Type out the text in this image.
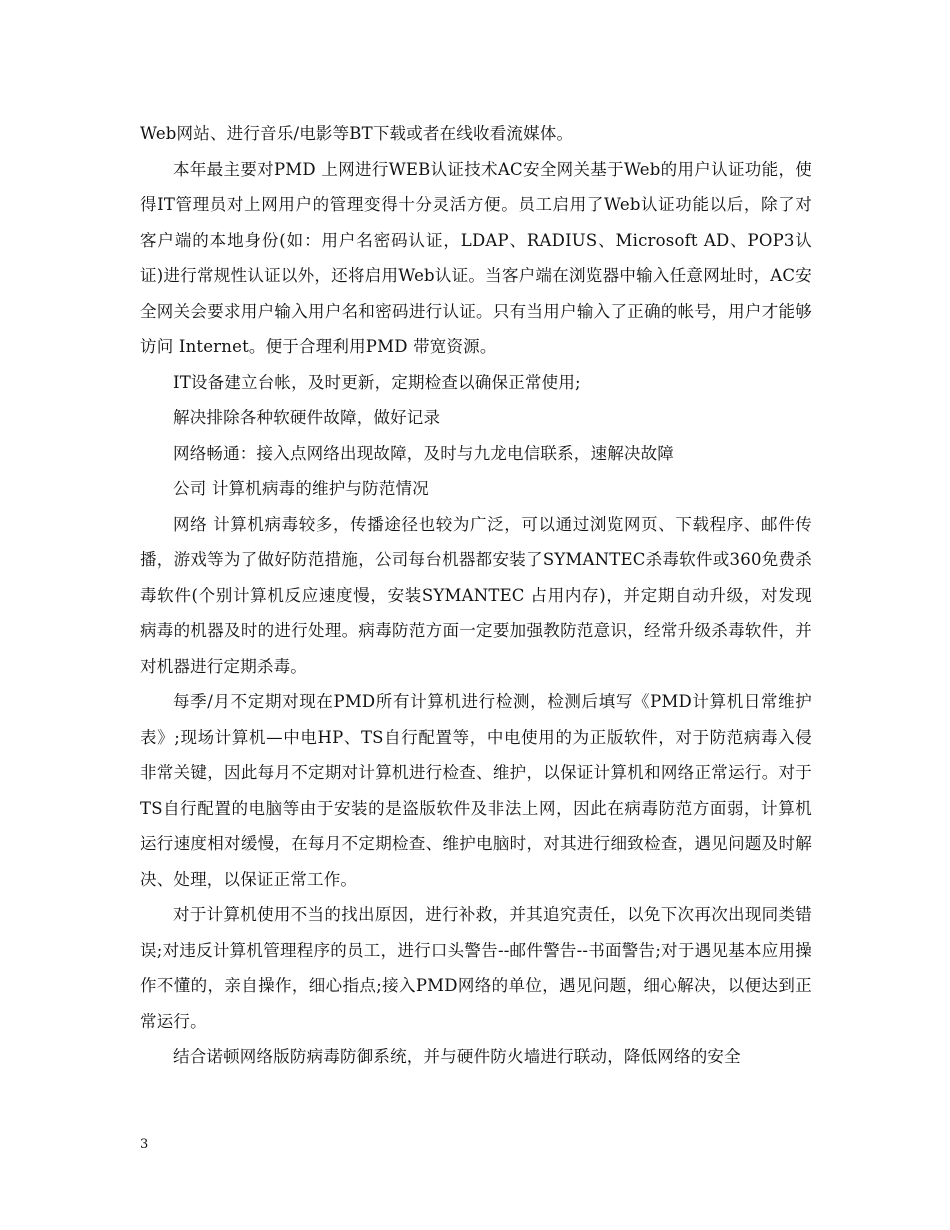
Web网站、进行音乐/电影等BT下载或者在线收看流媒体。

本年最主要对PMD 上网进行WEB认证技术AC安全网关基于Web的用户认证功能，使得IT管理员对上网用户的管理变得十分灵活方便。员工启用了Web认证功能以后，除了对客户端的本地身份(如：用户名密码认证，LDAP、RADIUS、Microsoft AD、POP3认证)进行常规性认证以外，还将启用Web认证。当客户端在浏览器中输入任意网址时，AC安全网关会要求用户输入用户名和密码进行认证。只有当用户输入了正确的帐号，用户才能够访问 Internet。便于合理利用PMD 带宽资源。

IT设备建立台帐，及时更新，定期检查以确保正常使用;

解决排除各种软硬件故障，做好记录

网络畅通：接入点网络出现故障，及时与九龙电信联系，速解决故障

公司 计算机病毒的维护与防范情况

网络 计算机病毒较多，传播途径也较为广泛，可以通过浏览网页、下载程序、邮件传播，游戏等为了做好防范措施，公司每台机器都安装了SYMANTEC杀毒软件或360免费杀毒软件(个别计算机反应速度慢，安装SYMANTEC 占用内存)，并定期自动升级，对发现病毒的机器及时的进行处理。病毒防范方面一定要加强教防范意识，经常升级杀毒软件，并对机器进行定期杀毒。

每季/月不定期对现在PMD所有计算机进行检测，检测后填写《PMD计算机日常维护表》;现场计算机—中电HP、TS自行配置等，中电使用的为正版软件，对于防范病毒入侵非常关键，因此每月不定期对计算机进行检查、维护，以保证计算机和网络正常运行。对于TS自行配置的电脑等由于安装的是盗版软件及非法上网，因此在病毒防范方面弱，计算机运行速度相对缓慢，在每月不定期检查、维护电脑时，对其进行细致检查，遇见问题及时解决、处理，以保证正常工作。

对于计算机使用不当的找出原因，进行补救，并其追究责任，以免下次再次出现同类错误;对违反计算机管理程序的员工，进行口头警告--邮件警告--书面警告;对于遇见基本应用操作不懂的，亲自操作，细心指点;接入PMD网络的单位，遇见问题，细心解决，以便达到正常运行。

结合诺顿网络版防病毒防御系统，并与硬件防火墙进行联动，降低网络的安全

3
